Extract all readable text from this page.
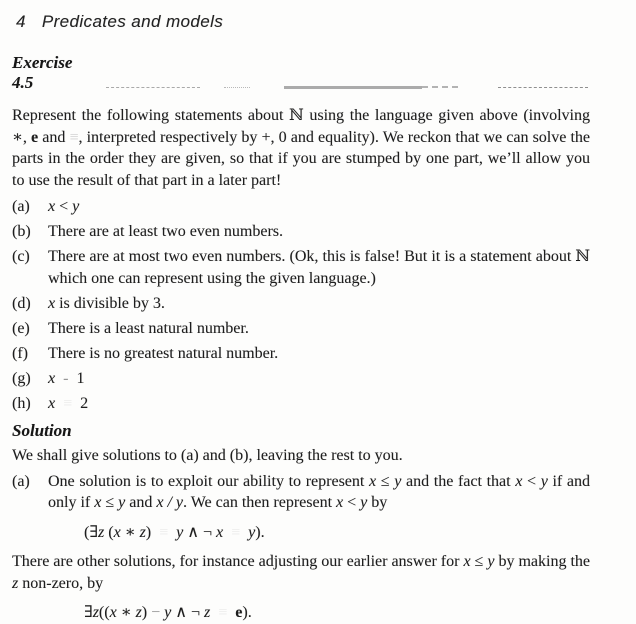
4 Predicates and models
Exercise 4.5
Represent the following statements about ℕ using the language given above (involving ∗, e and ≡, interpreted respectively by +, 0 and equality). We reckon that we can solve the parts in the order they are given, so that if you are stumped by one part, we’ll allow you to use the result of that part in a later part!
(a)	x < y
(b)	There are at least two even numbers.
(c)	There are at most two even numbers. (Ok, this is false! But it is a statement about ℕ which one can represent using the given language.)
(d)	x is divisible by 3.
(e)	There is a least natural number.
(f)	There is no greatest natural number.
(g)	x -  1
(h)	x ≡  2
Solution
We shall give solutions to (a) and (b), leaving the rest to you.
(a)	One solution is to exploit our ability to represent x ≤ y and the fact that x < y if and only if x ≤ y and x / y. We can then represent x < y by
(∃z (x ∗ z)  ≡ y ∧ ¬ x ≡ y).
There are other solutions, for instance adjusting our earlier answer for x ≤ y by making the z non-zero, by
∃z((x ∗ z) − y ∧ ¬ z ≡ e).
